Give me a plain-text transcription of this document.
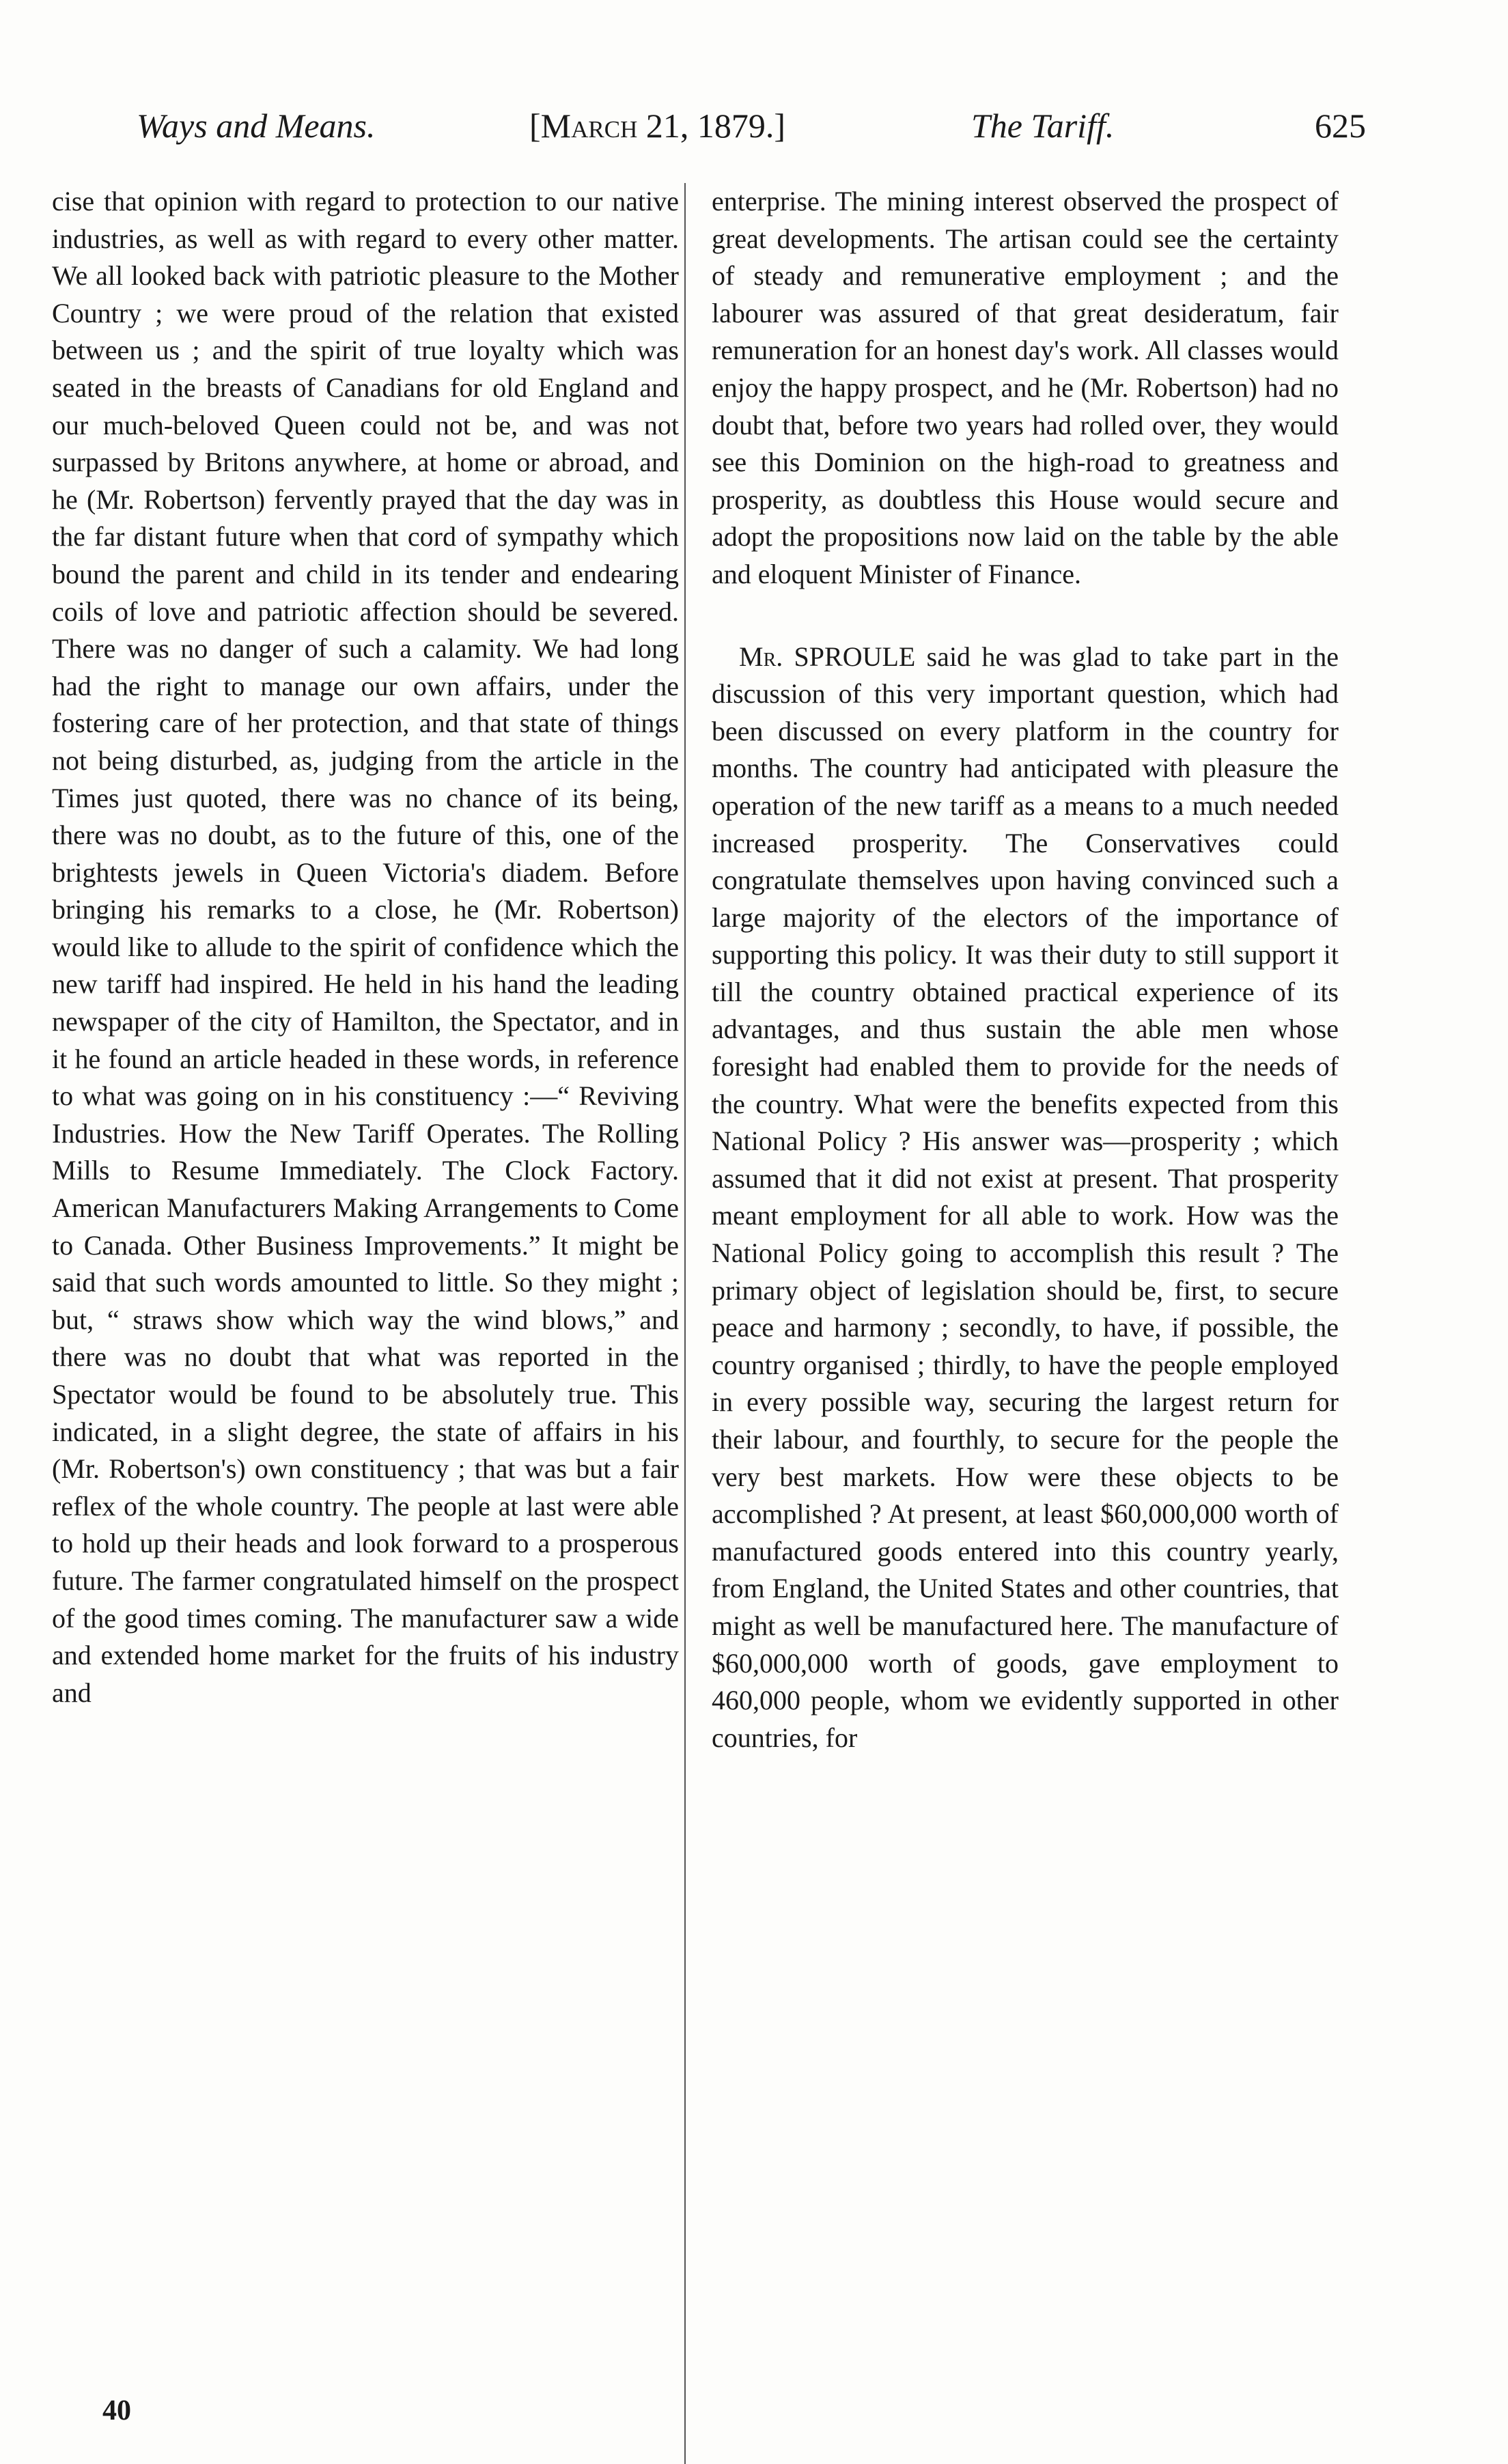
Ways and Means.	[March 21, 1879.]	The Tariff.	625

cise that opinion with regard to protection to our native industries, as well as with regard to every other matter. We all looked back with patriotic pleasure to the Mother Country ; we were proud of the relation that existed between us ; and the spirit of true loyalty which was seated in the breasts of Canadians for old England and our much-beloved Queen could not be, and was not surpassed by Britons anywhere, at home or abroad, and he (Mr. Robertson) fervently prayed that the day was in the far distant future when that cord of sympathy which bound the parent and child in its tender and endearing coils of love and patriotic affection should be severed. There was no danger of such a calamity. We had long had the right to manage our own affairs, under the fostering care of her protection, and that state of things not being disturbed, as, judging from the article in the Times just quoted, there was no chance of its being, there was no doubt, as to the future of this, one of the brightests jewels in Queen Victoria's diadem. Before bringing his remarks to a close, he (Mr. Robertson) would like to allude to the spirit of confidence which the new tariff had inspired. He held in his hand the leading newspaper of the city of Hamilton, the Spectator, and in it he found an article headed in these words, in reference to what was going on in his constituency :—“ Reviving Industries. How the New Tariff Operates. The Rolling Mills to Resume Immediately. The Clock Factory. American Manufacturers Making Arrangements to Come to Canada. Other Business Improvements.” It might be said that such words amounted to little. So they might ; but, “ straws show which way the wind blows,” and there was no doubt that what was reported in the Spectator would be found to be absolutely true. This indicated, in a slight degree, the state of affairs in his (Mr. Robertson's) own constituency ; that was but a fair reflex of the whole country. The people at last were able to hold up their heads and look forward to a prosperous future. The farmer congratulated himself on the prospect of the good times coming. The manufacturer saw a wide and extended home market for the fruits of his industry and

enterprise. The mining interest observed the prospect of great developments. The artisan could see the certainty of steady and remunerative employment ; and the labourer was assured of that great desideratum, fair remuneration for an honest day's work. All classes would enjoy the happy prospect, and he (Mr. Robertson) had no doubt that, before two years had rolled over, they would see this Dominion on the high-road to greatness and prosperity, as doubtless this House would secure and adopt the propositions now laid on the table by the able and eloquent Minister of Finance.

Mr. SPROULE said he was glad to take part in the discussion of this very important question, which had been discussed on every platform in the country for months. The country had anticipated with pleasure the operation of the new tariff as a means to a much needed increased prosperity. The Conservatives could congratulate themselves upon having convinced such a large majority of the electors of the importance of supporting this policy. It was their duty to still support it till the country obtained practical experience of its advantages, and thus sustain the able men whose foresight had enabled them to provide for the needs of the country. What were the benefits expected from this National Policy ? His answer was—prosperity ; which assumed that it did not exist at present. That prosperity meant employment for all able to work. How was the National Policy going to accomplish this result ? The primary object of legislation should be, first, to secure peace and harmony ; secondly, to have, if possible, the country organised ; thirdly, to have the people employed in every possible way, securing the largest return for their labour, and fourthly, to secure for the people the very best markets. How were these objects to be accomplished ? At present, at least $60,000,000 worth of manufactured goods entered into this country yearly, from England, the United States and other countries, that might as well be manufactured here. The manufacture of $60,000,000 worth of goods, gave employment to 460,000 people, whom we evidently supported in other countries, for

40
